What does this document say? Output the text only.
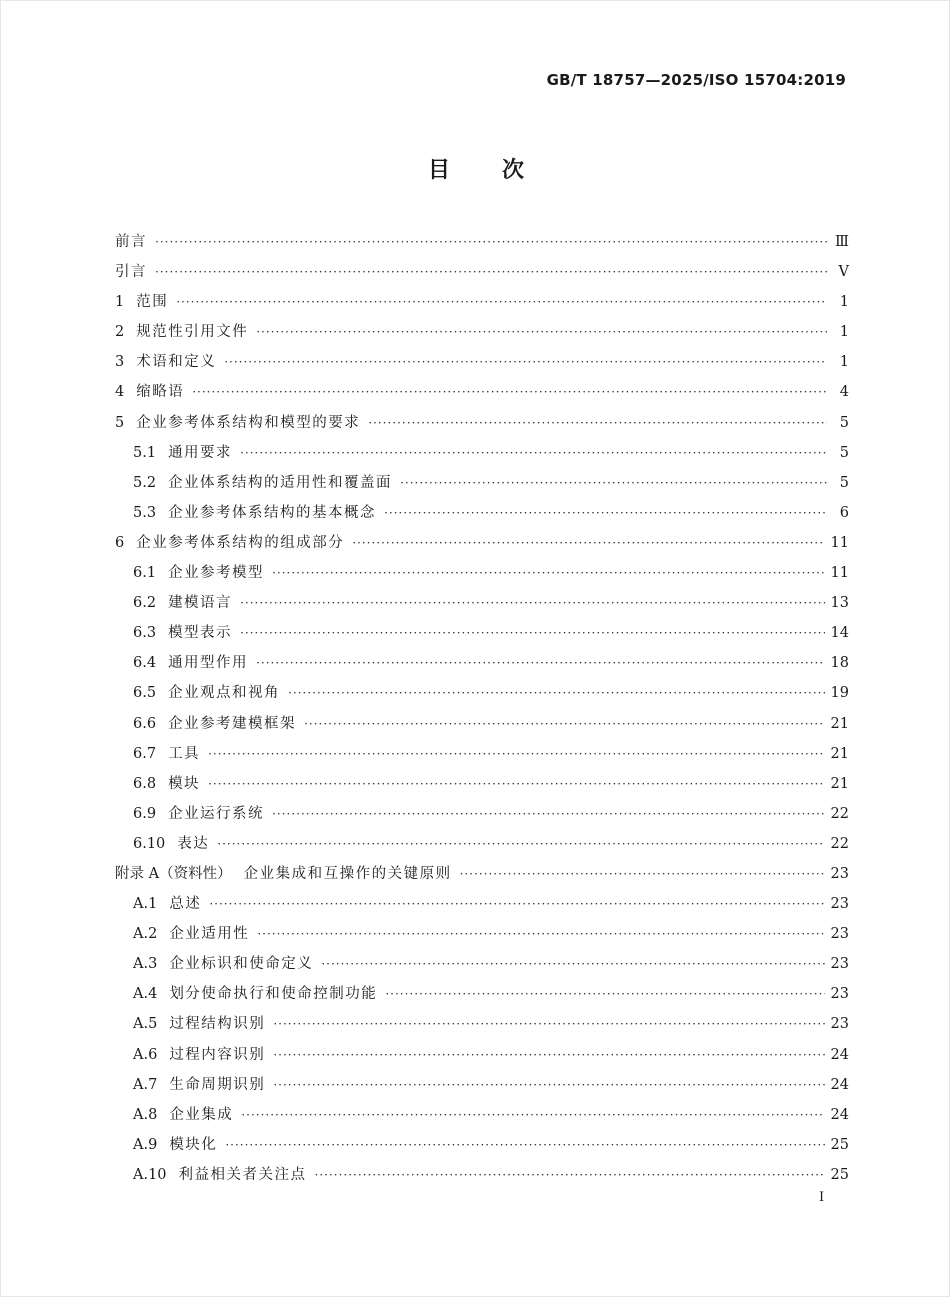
GB/T 18757—2025/ISO 15704:2019
目次
前言 ·····	Ⅲ
引言 ·····	Ⅴ
1 范围 ·····	1
2 规范性引用文件 ·····	1
3 术语和定义 ·····	1
4 缩略语 ·····	4
5 企业参考体系结构和模型的要求 ·····	5
5.1 通用要求 ·····	5
5.2 企业体系结构的适用性和覆盖面 ·····	5
5.3 企业参考体系结构的基本概念 ·····	6
6 企业参考体系结构的组成部分 ·····	11
6.1 企业参考模型 ·····	11
6.2 建模语言 ·····	13
6.3 模型表示 ·····	14
6.4 通用型作用 ·····	18
6.5 企业观点和视角 ·····	19
6.6 企业参考建模框架 ·····	21
6.7 工具 ·····	21
6.8 模块 ·····	21
6.9 企业运行系统 ·····	22
6.10 表达 ·····	22
附录 A（资料性） 企业集成和互操作的关键原则 ·····	23
A.1 总述 ·····	23
A.2 企业适用性 ·····	23
A.3 企业标识和使命定义 ·····	23
A.4 划分使命执行和使命控制功能 ·····	23
A.5 过程结构识别 ·····	23
A.6 过程内容识别 ·····	24
A.7 生命周期识别 ·····	24
A.8 企业集成 ·····	24
A.9 模块化 ·····	25
A.10 利益相关者关注点 ·····	25
I
